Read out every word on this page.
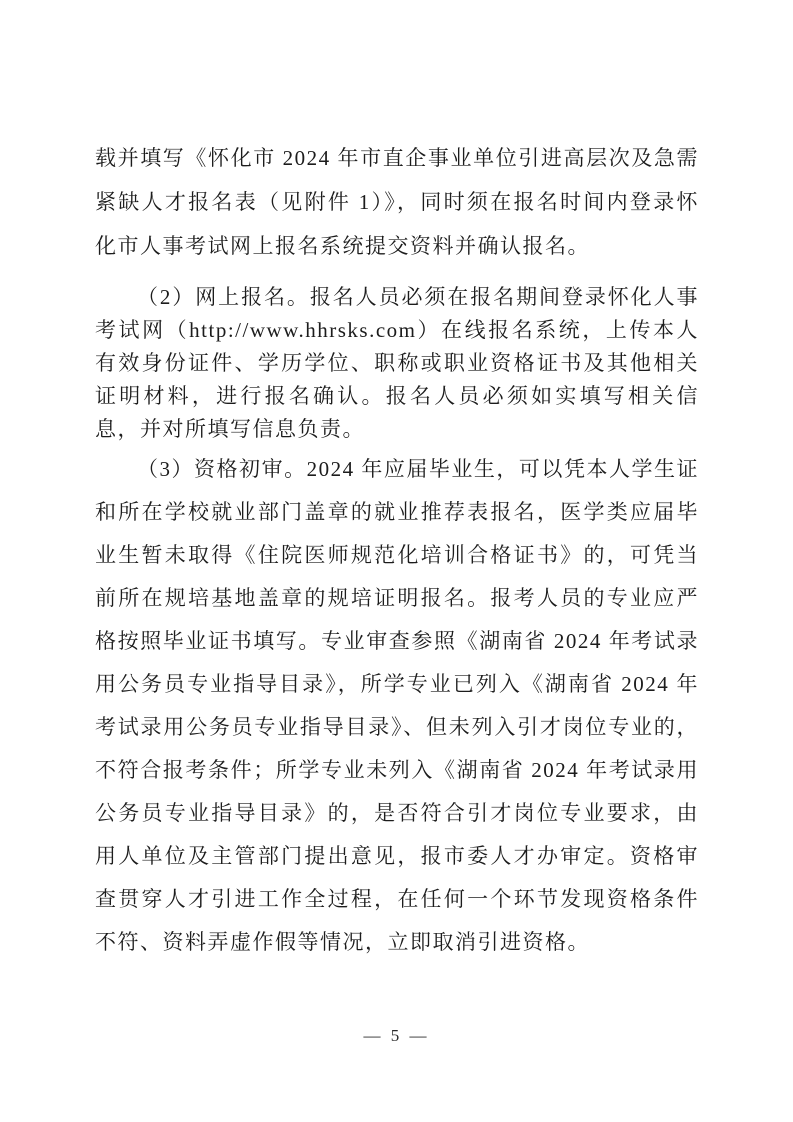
载并填写《怀化市 2024 年市直企事业单位引进高层次及急需紧缺人才报名表（见附件 1）》，同时须在报名时间内登录怀化市人事考试网上报名系统提交资料并确认报名。

（2）网上报名。报名人员必须在报名期间登录怀化人事考试网（http://www.hhrsks.com）在线报名系统，上传本人有效身份证件、学历学位、职称或职业资格证书及其他相关证明材料，进行报名确认。报名人员必须如实填写相关信息，并对所填写信息负责。

（3）资格初审。2024 年应届毕业生，可以凭本人学生证和所在学校就业部门盖章的就业推荐表报名，医学类应届毕业生暂未取得《住院医师规范化培训合格证书》的，可凭当前所在规培基地盖章的规培证明报名。报考人员的专业应严格按照毕业证书填写。专业审查参照《湖南省 2024 年考试录用公务员专业指导目录》，所学专业已列入《湖南省 2024 年考试录用公务员专业指导目录》、但未列入引才岗位专业的，不符合报考条件；所学专业未列入《湖南省 2024 年考试录用公务员专业指导目录》的，是否符合引才岗位专业要求，由用人单位及主管部门提出意见，报市委人才办审定。资格审查贯穿人才引进工作全过程，在任何一个环节发现资格条件不符、资料弄虚作假等情况，立即取消引进资格。

— 5 —
